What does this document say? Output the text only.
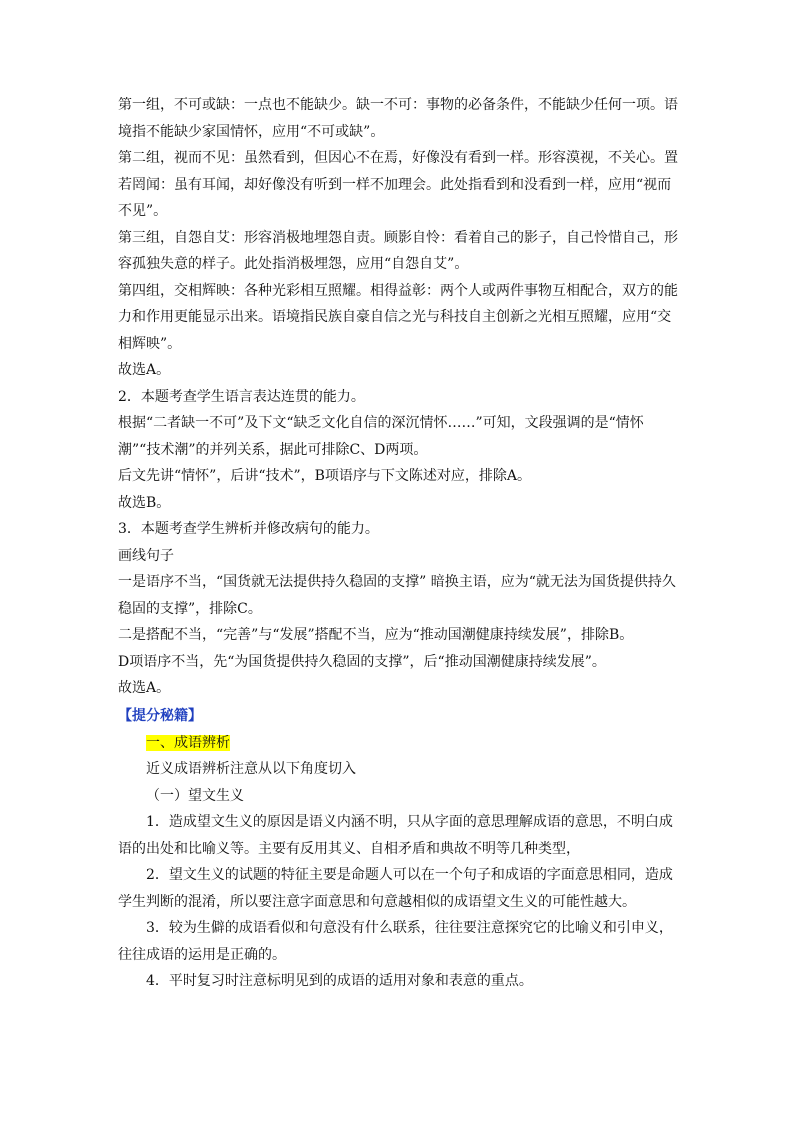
第一组，不可或缺：一点也不能缺少。缺一不可：事物的必备条件，不能缺少任何一项。语境指不能缺少家国情怀，应用“不可或缺”。

第二组，视而不见：虽然看到，但因心不在焉，好像没有看到一样。形容漠视，不关心。置若罔闻：虽有耳闻，却好像没有听到一样不加理会。此处指看到和没看到一样，应用“视而不见”。

第三组，自怨自艾：形容消极地埋怨自责。顾影自怜：看着自己的影子，自己怜惜自己，形容孤独失意的样子。此处指消极埋怨，应用“自怨自艾”。

第四组，交相辉映：各种光彩相互照耀。相得益彰：两个人或两件事物互相配合，双方的能力和作用更能显示出来。语境指民族自豪自信之光与科技自主创新之光相互照耀，应用“交相辉映”。

故选A。

2．本题考查学生语言表达连贯的能力。

根据“二者缺一不可”及下文“缺乏文化自信的深沉情怀……”可知，文段强调的是“情怀潮”“技术潮”的并列关系，据此可排除C、D两项。

后文先讲“情怀”，后讲“技术”，B项语序与下文陈述对应，排除A。

故选B。

3．本题考查学生辨析并修改病句的能力。

画线句子

一是语序不当，“国货就无法提供持久稳固的支撑” 暗换主语，应为“就无法为国货提供持久稳固的支撑”，排除C。

二是搭配不当，“完善”与“发展”搭配不当，应为“推动国潮健康持续发展”，排除B。

D项语序不当，先“为国货提供持久稳固的支撑”，后“推动国潮健康持续发展”。

故选A。

【提分秘籍】

一、成语辨析

近义成语辨析注意从以下角度切入

（一）望文生义

1．造成望文生义的原因是语义内涵不明，只从字面的意思理解成语的意思，不明白成语的出处和比喻义等。主要有反用其义、自相矛盾和典故不明等几种类型，

2．望文生义的试题的特征主要是命题人可以在一个句子和成语的字面意思相同，造成学生判断的混淆，所以要注意字面意思和句意越相似的成语望文生义的可能性越大。

3．较为生僻的成语看似和句意没有什么联系，往往要注意探究它的比喻义和引申义，往往成语的运用是正确的。

4．平时复习时注意标明见到的成语的适用对象和表意的重点。
